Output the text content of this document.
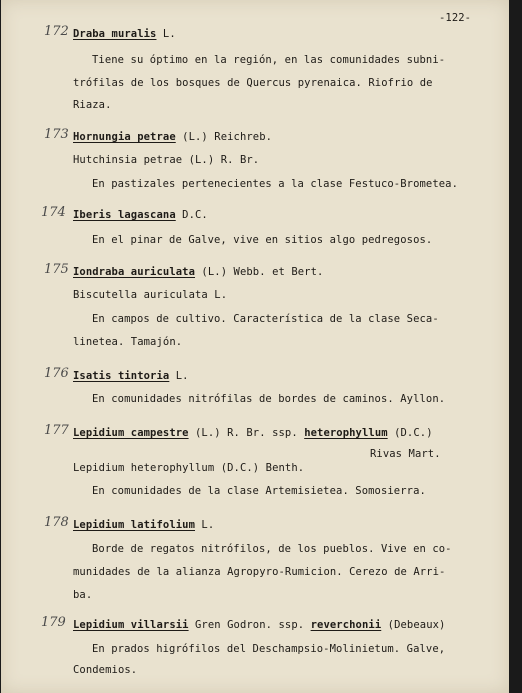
-122-
172 Draba muralis L.
Tiene su óptimo en la región, en las comunidades subni-
trófilas de los bosques de Quercus pyrenaica. Riofrio de
Riaza.
173 Hornungia petrae (L.) Reichreb.
Hutchinsia petrae (L.) R. Br.
En pastizales pertenecientes a la clase Festuco-Brometea.
174 Iberis lagascana D.C.
En el pinar de Galve, vive en sitios algo pedregosos.
175 Iondraba auriculata (L.) Webb. et Bert.
Biscutella auriculata L.
En campos de cultivo. Característica de la clase Seca-
linetea. Tamajón.
176 Isatis tintoria L.
En comunidades nitrófilas de bordes de caminos. Ayllon.
177 Lepidium campestre (L.) R. Br. ssp. heterophyllum (D.C.)
Rivas Mart.
Lepidium heterophyllum (D.C.) Benth.
En comunidades de la clase Artemisietea. Somosierra.
178 Lepidium latifolium L.
Borde de regatos nitrófilos, de los pueblos. Vive en co-
munidades de la alianza Agropyro-Rumicion. Cerezo de Arri-
ba.
179 Lepidium villarsii Gren Godron. ssp. reverchonii (Debeaux)
En prados higrófilos del Deschampsio-Molinietum. Galve,
Condemios.
